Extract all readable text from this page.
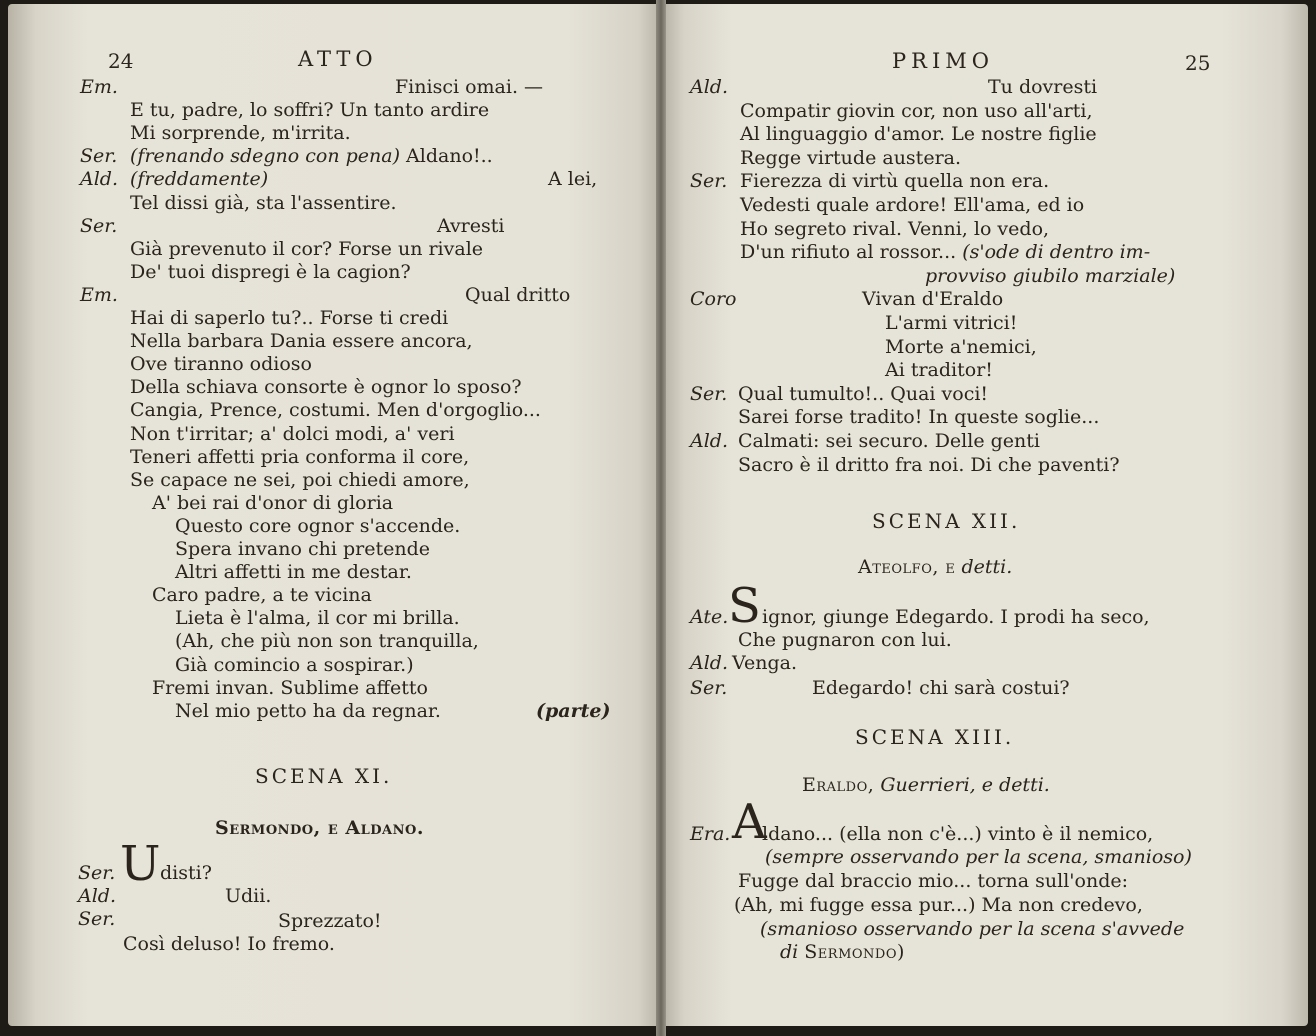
24	ATTO
Em.	Finisci omai. —
E tu, padre, lo soffri? Un tanto ardire
Mi sorprende, m'irrita.
Ser. (frenando sdegno con pena) Aldano!..
Ald. (freddamente)	A lei,
Tel dissi già, sta l'assentire.
Ser.	Avresti
Già prevenuto il cor? Forse un rivale
De' tuoi dispregi è la cagion?
Em.	Qual dritto
Hai di saperlo tu?.. Forse ti credi
Nella barbara Dania essere ancora,
Ove tiranno odioso
Della schiava consorte è ognor lo sposo?
Cangia, Prence, costumi. Men d'orgoglio...
Non t'irritar; a' dolci modi, a' veri
Teneri affetti pria conforma il core,
Se capace ne sei, poi chiedi amore,
A' bei rai d'onor di gloria
Questo core ognor s'accende.
Spera invano chi pretende
Altri affetti in me destar.
Caro padre, a te vicina
Lieta è l'alma, il cor mi brilla.
(Ah, che più non son tranquilla,
Già comincio a sospirar.)
Fremi invan. Sublime affetto
Nel mio petto ha da regnar.	(parte)
SCENA XI.
Sermondo, e Aldano.
Ser. U disti?
Ald.	Udii.
Ser.	Sprezzato!
Così deluso! Io fremo.
PRIMO	25
Ald.	Tu dovresti
Compatir giovin cor, non uso all'arti,
Al linguaggio d'amor. Le nostre figlie
Regge virtude austera.
Ser. Fierezza di virtù quella non era.
Vedesti quale ardore! Ell'ama, ed io
Ho segreto rival. Venni, lo vedo,
D'un rifiuto al rossor... (s'ode di dentro im-
provviso giubilo marziale)
Coro	Vivan d'Eraldo
L'armi vitrici!
Morte a'nemici,
Ai traditor!
Ser. Qual tumulto!.. Quai voci!
Sarei forse tradito! In queste soglie...
Ald. Calmati: sei securo. Delle genti
Sacro è il dritto fra noi. Di che paventi?
SCENA XII.
Ateolfo, e detti.
Ate. S ignor, giunge Edegardo. I prodi ha seco,
Che pugnaron con lui.
Ald. Venga.
Ser.	Edegardo! chi sarà costui?
SCENA XIII.
Eraldo, Guerrieri, e detti.
Era. A
ldano... (ella non c'è...) vinto è il nemico,
(sempre osservando per la scena, smanioso)
Fugge dal braccio mio... torna sull'onde:
(Ah, mi fugge essa pur...) Ma non credevo,
(smanioso osservando per la scena s'avvede
di Sermondo)
